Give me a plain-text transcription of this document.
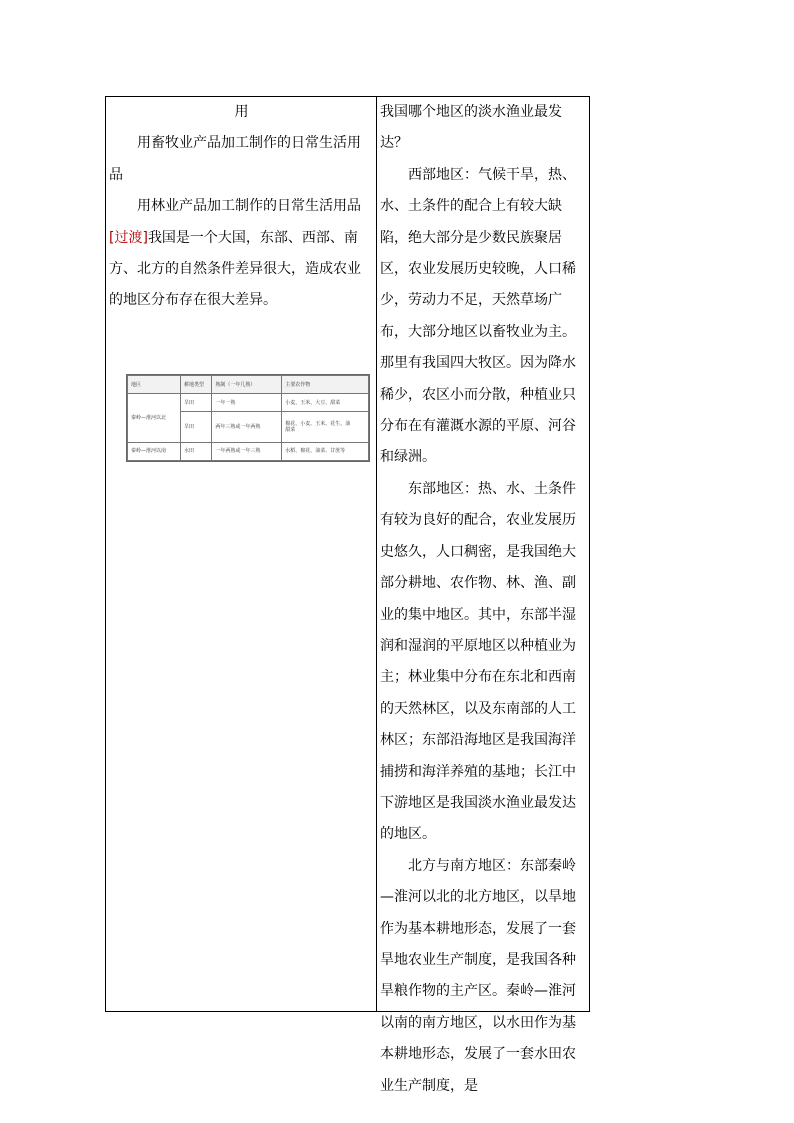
用

用畜牧业产品加工制作的日常生活用品

用林业产品加工制作的日常生活用品

[过渡]我国是一个大国，东部、西部、南方、北方的自然条件差异很大，造成农业的地区分布存在很大差异。

地区	耕地类型	熟制（一年几熟）	主要农作物
秦岭—淮河以北	旱田	一年一熟	小麦、玉米、大豆、甜菜
	旱田	两年三熟或一年两熟	棉花、小麦、玉米、花生、油
甜菜
秦岭—淮河以南	水田	一年两熟或一年三熟	水稻、棉花、油菜、甘蔗等

我国哪个地区的淡水渔业最发达？

西部地区：气候干旱，热、水、土条件的配合上有较大缺陷，绝大部分是少数民族聚居区，农业发展历史较晚，人口稀少，劳动力不足，天然草场广布，大部分地区以畜牧业为主。那里有我国四大牧区。因为降水稀少，农区小而分散，种植业只分布在有灌溉水源的平原、河谷和绿洲。

东部地区：热、水、土条件有较为良好的配合，农业发展历史悠久，人口稠密，是我国绝大部分耕地、农作物、林、渔、副业的集中地区。其中，东部半湿润和湿润的平原地区以种植业为主；林业集中分布在东北和西南的天然林区，以及东南部的人工林区；东部沿海地区是我国海洋捕捞和海洋养殖的基地；长江中下游地区是我国淡水渔业最发达的地区。

北方与南方地区：东部秦岭—淮河以北的北方地区，以旱地作为基本耕地形态，发展了一套旱地农业生产制度，是我国各种旱粮作物的主产区。秦岭—淮河以南的南方地区，以水田作为基本耕地形态，发展了一套水田农业生产制度，是
